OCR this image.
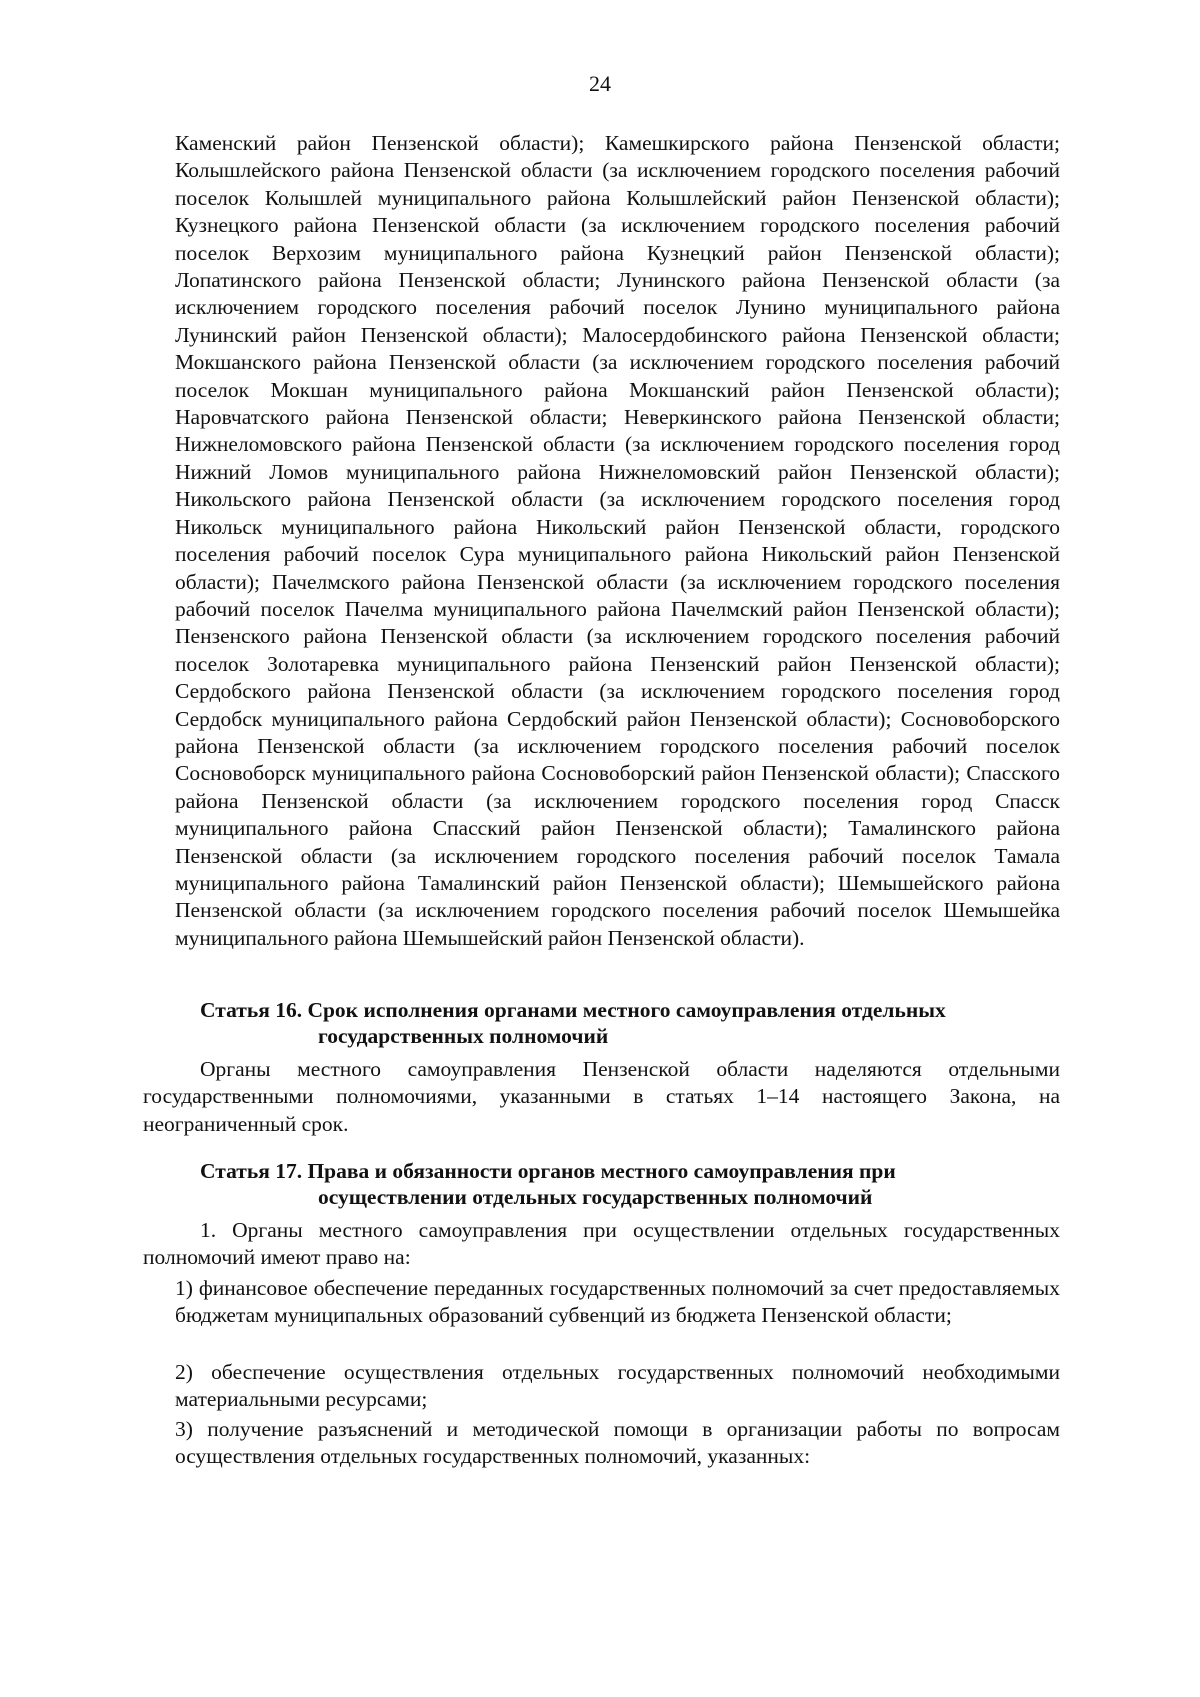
24

Каменский район Пензенской области); Камешкирского района Пензенской области; Колышлейского района Пензенской области (за исключением городского поселения рабочий поселок Колышлей муниципального района Колышлейский район Пензенской области); Кузнецкого района Пензенской области (за исключением городского поселения рабочий поселок Верхозим муниципального района Кузнецкий район Пензенской области); Лопатинского района Пензенской области; Лунинского района Пензенской области (за исключением городского поселения рабочий поселок Лунино муниципального района Лунинский район Пензенской области); Малосердобинского района Пензенской области; Мокшанского района Пензенской области (за исключением городского поселения рабочий поселок Мокшан муниципального района Мокшанский район Пензенской области); Наровчатского района Пензенской области; Неверкинского района Пензенской области; Нижнеломовского района Пензенской области (за исключением городского поселения город Нижний Ломов муниципального района Нижнеломовский район Пензенской области); Никольского района Пензенской области (за исключением городского поселения город Никольск муниципального района Никольский район Пензенской области, городского поселения рабочий поселок Сура муниципального района Никольский район Пензенской области); Пачелмского района Пензенской области (за исключением городского поселения рабочий поселок Пачелма муниципального района Пачелмский район Пензенской области); Пензенского района Пензенской области (за исключением городского поселения рабочий поселок Золотаревка муниципального района Пензенский район Пензенской области); Сердобского района Пензенской области (за исключением городского поселения город Сердобск муниципального района Сердобский район Пензенской области); Сосновоборского района Пензенской области (за исключением городского поселения рабочий поселок Сосновоборск муниципального района Сосновоборский район Пензенской области); Спасского района Пензенской области (за исключением городского поселения город Спасск муниципального района Спасский район Пензенской области); Тамалинского района Пензенской области (за исключением городского поселения рабочий поселок Тамала муниципального района Тамалинский район Пензенской области); Шемышейского района Пензенской области (за исключением городского поселения рабочий поселок Шемышейка муниципального района Шемышейский район Пензенской области).

Статья 16. Срок исполнения органами местного самоуправления отдельных
государственных полномочий

Органы местного самоуправления Пензенской области наделяются отдельными государственными полномочиями, указанными в статьях 1–14 настоящего Закона, на неограниченный срок.

Статья 17. Права и обязанности органов местного самоуправления при
осуществлении отдельных государственных полномочий

1. Органы местного самоуправления при осуществлении отдельных государственных полномочий имеют право на:

1) финансовое обеспечение переданных государственных полномочий за счет предоставляемых бюджетам муниципальных образований субвенций из бюджета Пензенской области;

2) обеспечение осуществления отдельных государственных полномочий необходимыми материальными ресурсами;

3) получение разъяснений и методической помощи в организации работы по вопросам осуществления отдельных государственных полномочий, указанных:
